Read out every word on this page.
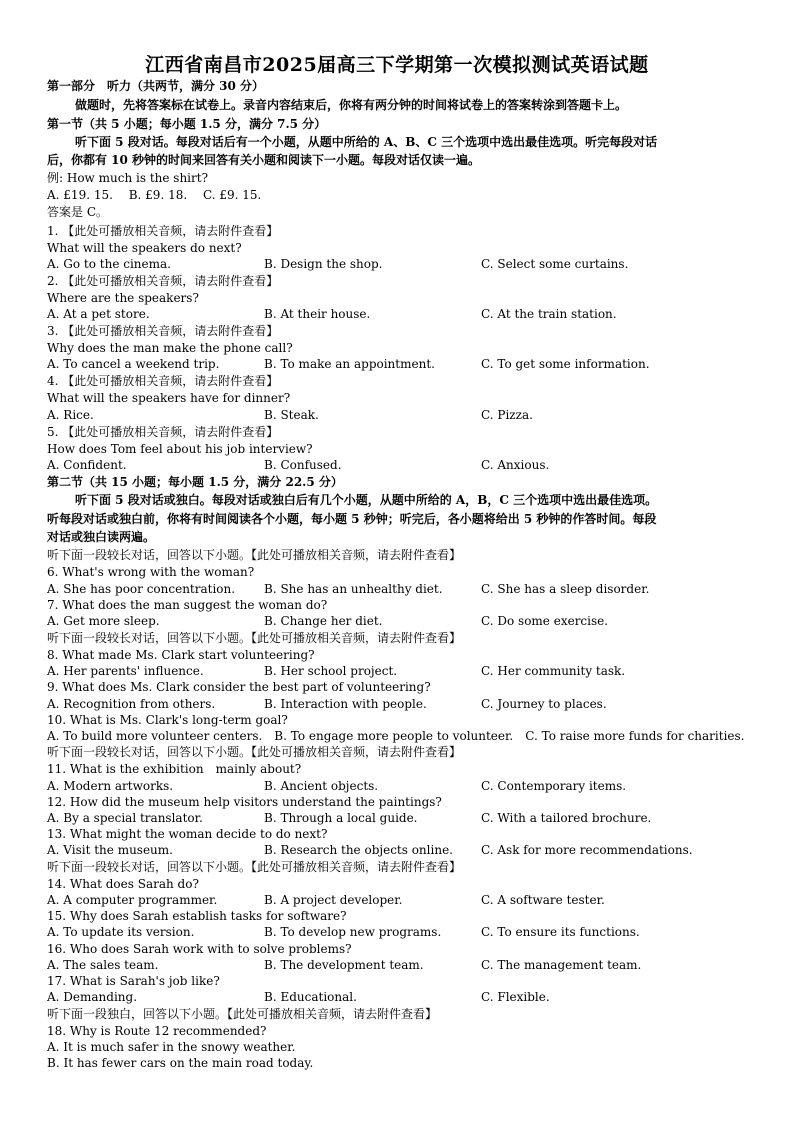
江西省南昌市2025届高三下学期第一次模拟测试英语试题
第一部分　听力（共两节，满分 30 分）
做题时，先将答案标在试卷上。录音内容结束后，你将有两分钟的时间将试卷上的答案转涂到答题卡上。
第一节（共 5 小题；每小题 1.5 分，满分 7.5 分）
听下面 5 段对话。每段对话后有一个小题，从题中所给的 A、B、C 三个选项中选出最佳选项。听完每段对话
后，你都有 10 秒钟的时间来回答有关小题和阅读下一小题。每段对话仅读一遍。
例: How much is the shirt?
A. £19. 15.　 B. £9. 18.　 C. £9. 15.
答案是 C。
1. 【此处可播放相关音频，请去附件查看】
What will the speakers do next?
A. Go to the cinema.	B. Design the shop.	C. Select some curtains.
2. 【此处可播放相关音频，请去附件查看】
Where are the speakers?
A. At a pet store.	B. At their house.	C. At the train station.
3. 【此处可播放相关音频，请去附件查看】
Why does the man make the phone call?
A. To cancel a weekend trip.	B. To make an appointment.	C. To get some information.
4. 【此处可播放相关音频，请去附件查看】
What will the speakers have for dinner?
A. Rice.	B. Steak.	C. Pizza.
5. 【此处可播放相关音频，请去附件查看】
How does Tom feel about his job interview?
A. Confident.	B. Confused.	C. Anxious.
第二节（共 15 小题；每小题 1.5 分，满分 22.5 分）
听下面 5 段对话或独白。每段对话或独白后有几个小题，从题中所给的 A，B，C 三个选项中选出最佳选项。
听每段对话或独白前，你将有时间阅读各个小题，每小题 5 秒钟；听完后，各小题将给出 5 秒钟的作答时间。每段
对话或独白读两遍。
听下面一段较长对话，回答以下小题。【此处可播放相关音频，请去附件查看】
6. What's wrong with the woman?
A. She has poor concentration. B. She has an unhealthy diet.	C. She has a sleep disorder.
7. What does the man suggest the woman do?
A. Get more sleep.	B. Change her diet.	C. Do some exercise.
听下面一段较长对话，回答以下小题。【此处可播放相关音频，请去附件查看】
8. What made Ms. Clark start volunteering?
A. Her parents' influence.	B. Her school project.	C. Her community task.
9. What does Ms. Clark consider the best part of volunteering?
A. Recognition from others.	B. Interaction with people.	C. Journey to places.
10. What is Ms. Clark's long-term goal?
A. To build more volunteer centers.　B. To engage more people to volunteer.　C. To raise more funds for charities.
听下面一段较长对话，回答以下小题。【此处可播放相关音频，请去附件查看】
11. What is the exhibition　mainly about?
A. Modern artworks.	B. Ancient objects.	C. Contemporary items.
12. How did the museum help visitors understand the paintings?
A. By a special translator.	B. Through a local guide.	C. With a tailored brochure.
13. What might the woman decide to do next?
A. Visit the museum.	B. Research the objects online. C. Ask for more recommendations.
听下面一段较长对话，回答以下小题。【此处可播放相关音频，请去附件查看】
14. What does Sarah do?
A. A computer programmer.	B. A project developer.	C. A software tester.
15. Why does Sarah establish tasks for software?
A. To update its version.	B. To develop new programs.	C. To ensure its functions.
16. Who does Sarah work with to solve problems?
A. The sales team.	B. The development team.	C. The management team.
17. What is Sarah's job like?
A. Demanding.	B. Educational.	C. Flexible.
听下面一段独白，回答以下小题。【此处可播放相关音频，请去附件查看】
18. Why is Route 12 recommended?
A. It is much safer in the snowy weather.
B. It has fewer cars on the main road today.
